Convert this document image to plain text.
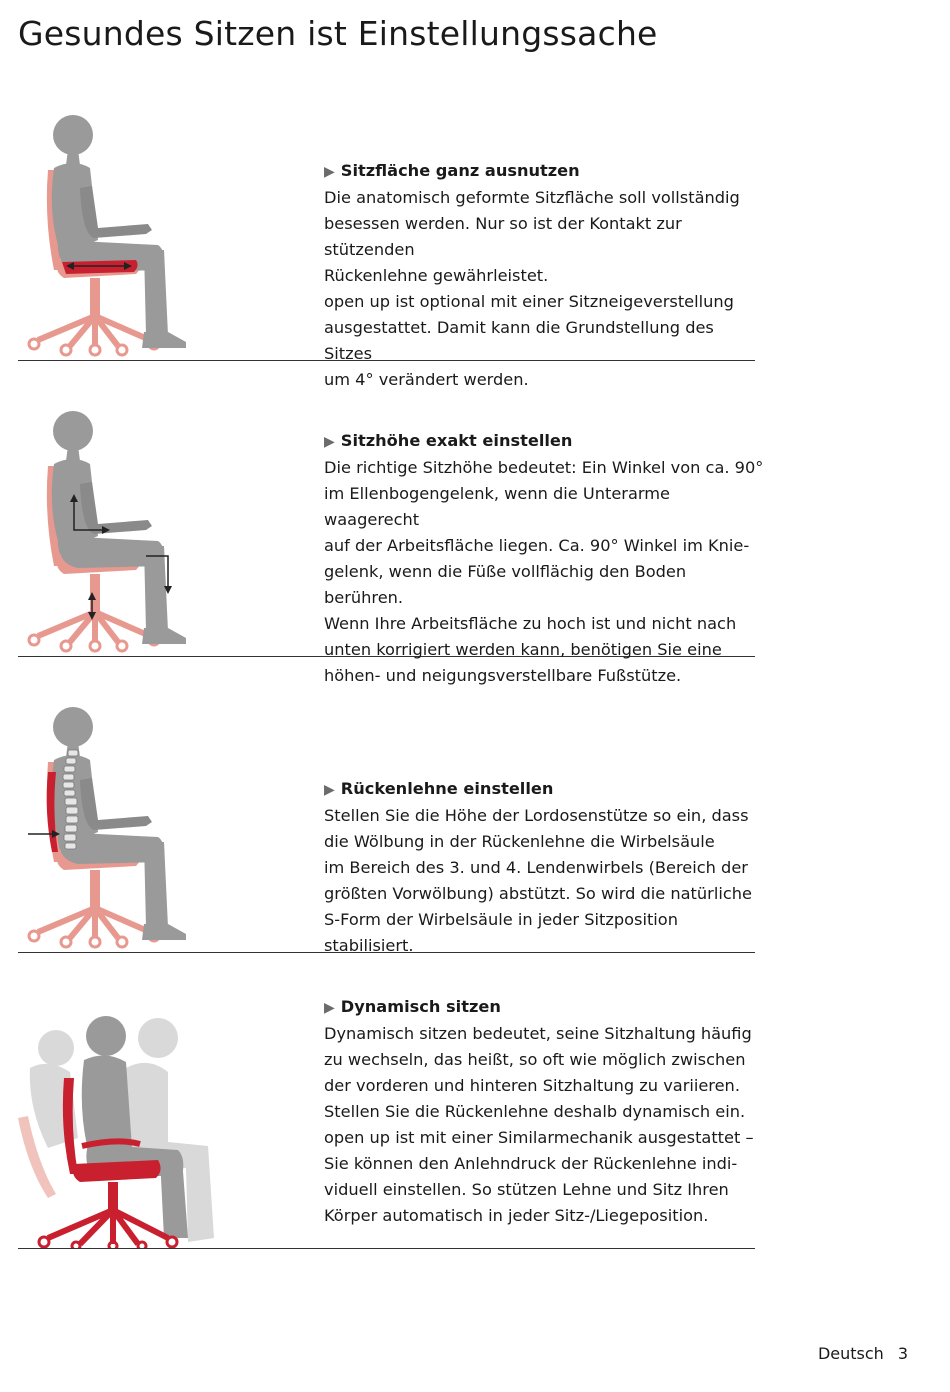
Gesundes Sitzen ist Einstellungssache
▶ Sitzfläche ganz ausnutzen

Die anatomisch geformte Sitzfläche soll vollständig

besessen werden. Nur so ist der Kontakt zur stützenden

Rückenlehne gewährleistet.

open up ist optional mit einer Sitzneigeverstellung

ausgestattet. Damit kann die Grundstellung des Sitzes

um 4° verändert werden.

▶ Sitzhöhe exakt einstellen

Die richtige Sitzhöhe bedeutet: Ein Winkel von ca. 90°

im Ellenbogengelenk, wenn die Unterarme waagerecht

auf der Arbeitsfläche liegen. Ca. 90° Winkel im Knie-

gelenk, wenn die Füße vollflächig den Boden berühren.

Wenn Ihre Arbeitsfläche zu hoch ist und nicht nach

unten korrigiert werden kann, benötigen Sie eine

höhen- und neigungsverstellbare Fußstütze.

▶ Rückenlehne einstellen

Stellen Sie die Höhe der Lordosenstütze so ein, dass

die Wölbung in der Rückenlehne die Wirbelsäule

im Bereich des 3. und 4. Lendenwirbels (Bereich der

größten Vorwölbung) abstützt. So wird die natürliche

S-Form der Wirbelsäule in jeder Sitzposition stabilisiert.

▶ Dynamisch sitzen

Dynamisch sitzen bedeutet, seine Sitzhaltung häufig

zu wechseln, das heißt, so oft wie möglich zwischen

der vorderen und hinteren Sitzhaltung zu variieren.

Stellen Sie die Rückenlehne deshalb dynamisch ein.

open up ist mit einer Similarmechanik ausgestattet –

Sie können den Anlehndruck der Rückenlehne indi-

viduell einstellen. So stützen Lehne und Sitz Ihren

Körper automatisch in jeder Sitz-/Liegeposition.

Deutsch 3
